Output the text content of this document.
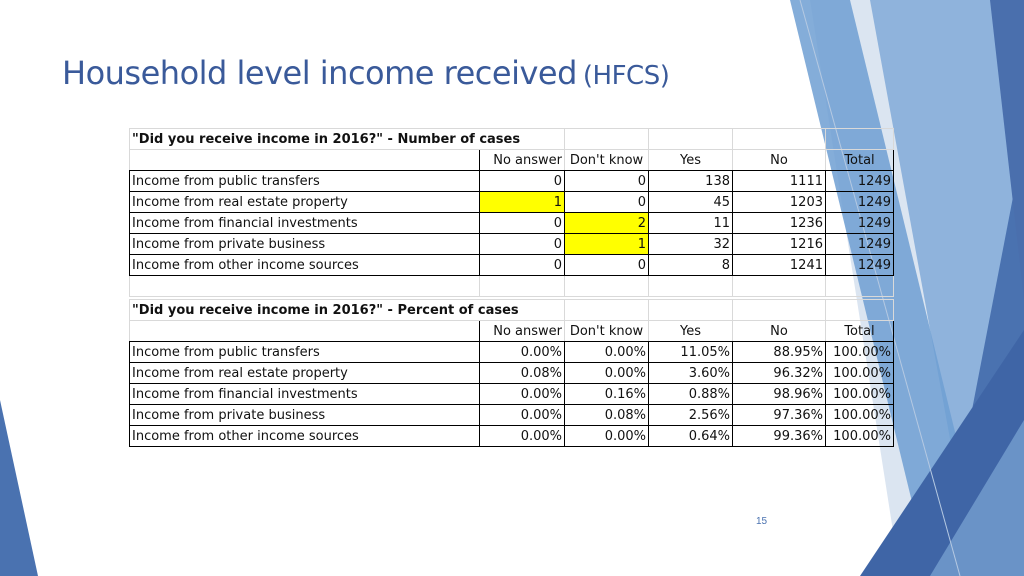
Household level income received (HFCS)
"Did you receive income in 2016?" - Number of cases					
	No answer	Don't know	Yes	No	Total
Income from public transfers	0	0	138	1111	1249
Income from real estate property	1	0	45	1203	1249
Income from financial investments	0	2	11	1236	1249
Income from private business	0	1	32	1216	1249
Income from other income sources	0	0	8	1241	1249

"Did you receive income in 2016?" - Percent of cases					
	No answer	Don't know	Yes	No	Total
Income from public transfers	0.00%	0.00%	11.05%	88.95%	100.00%
Income from real estate property	0.08%	0.00%	3.60%	96.32%	100.00%
Income from financial investments	0.00%	0.16%	0.88%	98.96%	100.00%
Income from private business	0.00%	0.08%	2.56%	97.36%	100.00%
Income from other income sources	0.00%	0.00%	0.64%	99.36%	100.00%
15
